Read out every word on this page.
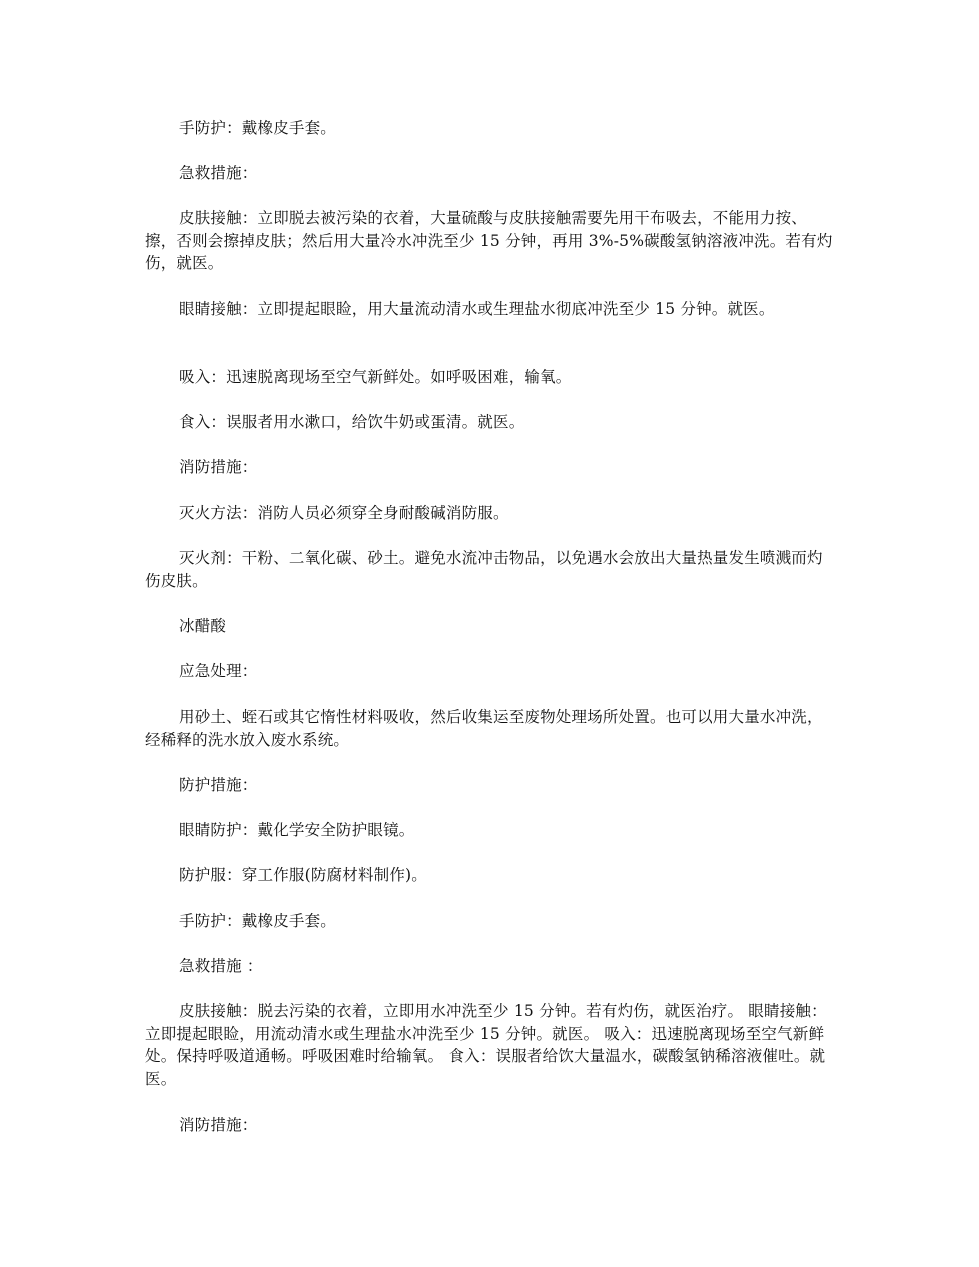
手防护：戴橡皮手套。

急救措施：

皮肤接触：立即脱去被污染的衣着，大量硫酸与皮肤接触需要先用干布吸去，不能用力按、擦，否则会擦掉皮肤；然后用大量冷水冲洗至少 15 分钟，再用 3%-5%碳酸氢钠溶液冲洗。若有灼伤，就医。

眼睛接触：立即提起眼睑，用大量流动清水或生理盐水彻底冲洗至少 15 分钟。就医。

吸入：迅速脱离现场至空气新鲜处。如呼吸困难，输氧。

食入：误服者用水漱口，给饮牛奶或蛋清。就医。

消防措施：

灭火方法：消防人员必须穿全身耐酸碱消防服。

灭火剂：干粉、二氧化碳、砂土。避免水流冲击物品，以免遇水会放出大量热量发生喷溅而灼伤皮肤。

冰醋酸

应急处理：

用砂土、蛭石或其它惰性材料吸收，然后收集运至废物处理场所处置。也可以用大量水冲洗，经稀释的洗水放入废水系统。

防护措施：

眼睛防护：戴化学安全防护眼镜。

防护服：穿工作服(防腐材料制作)。

手防护：戴橡皮手套。

急救措施 ：

皮肤接触：脱去污染的衣着，立即用水冲洗至少 15 分钟。若有灼伤，就医治疗。 眼睛接触：立即提起眼睑，用流动清水或生理盐水冲洗至少 15 分钟。就医。 吸入：迅速脱离现场至空气新鲜处。保持呼吸道通畅。呼吸困难时给输氧。 食入：误服者给饮大量温水，碳酸氢钠稀溶液催吐。就医。

消防措施：
